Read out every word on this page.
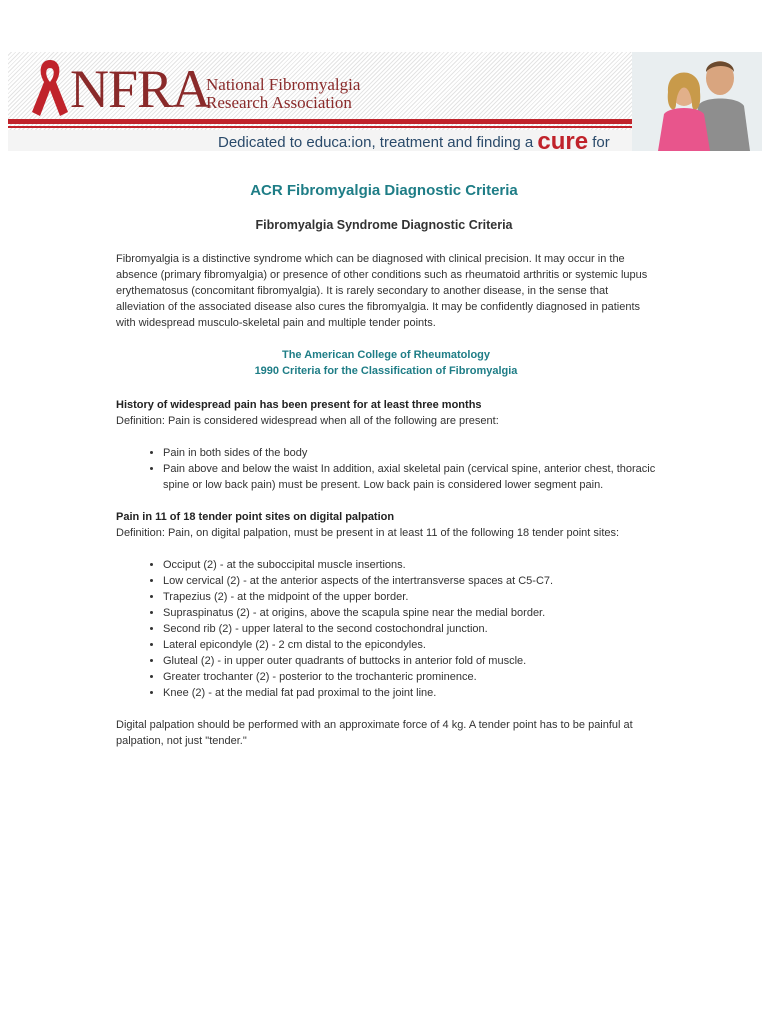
NFRA
National Fibromyalgia
Research Association
Dedicated to educa:ion, treatment and finding a cure for
ACR Fibromyalgia Diagnostic Criteria
Fibromyalgia Syndrome Diagnostic Criteria

Fibromyalgia is a distinctive syndrome which can be diagnosed with clinical precision. It may occur in the absence (primary fibromyalgia) or presence of other conditions such as rheumatoid arthritis or systemic lupus erythematosus (concomitant fibromyalgia). It is rarely secondary to another disease, in the sense that alleviation of the associated disease also cures the fibromyalgia. It may be confidently diagnosed in patients with widespread musculo-skeletal pain and multiple tender points.

The American College of Rheumatology
1990 Criteria for the Classification of Fibromyalgia

History of widespread pain has been present for at least three months

Definition: Pain is considered widespread when all of the following are present:

• Pain in both sides of the body
• Pain above and below the waist In addition, axial skeletal pain (cervical spine, anterior chest, thoracic spine or low back pain) must be present. Low back pain is considered lower segment pain.

Pain in 11 of 18 tender point sites on digital palpation

Definition: Pain, on digital palpation, must be present in at least 11 of the following 18 tender point sites:

• Occiput (2) - at the suboccipital muscle insertions.
• Low cervical (2) - at the anterior aspects of the intertransverse spaces at C5-C7.
• Trapezius (2) - at the midpoint of the upper border.
• Supraspinatus (2) - at origins, above the scapula spine near the medial border.
• Second rib (2) - upper lateral to the second costochondral junction.
• Lateral epicondyle (2) - 2 cm distal to the epicondyles.
• Gluteal (2) - in upper outer quadrants of buttocks in anterior fold of muscle.
• Greater trochanter (2) - posterior to the trochanteric prominence.
• Knee (2) - at the medial fat pad proximal to the joint line.

Digital palpation should be performed with an approximate force of 4 kg. A tender point has to be painful at palpation, not just "tender."
